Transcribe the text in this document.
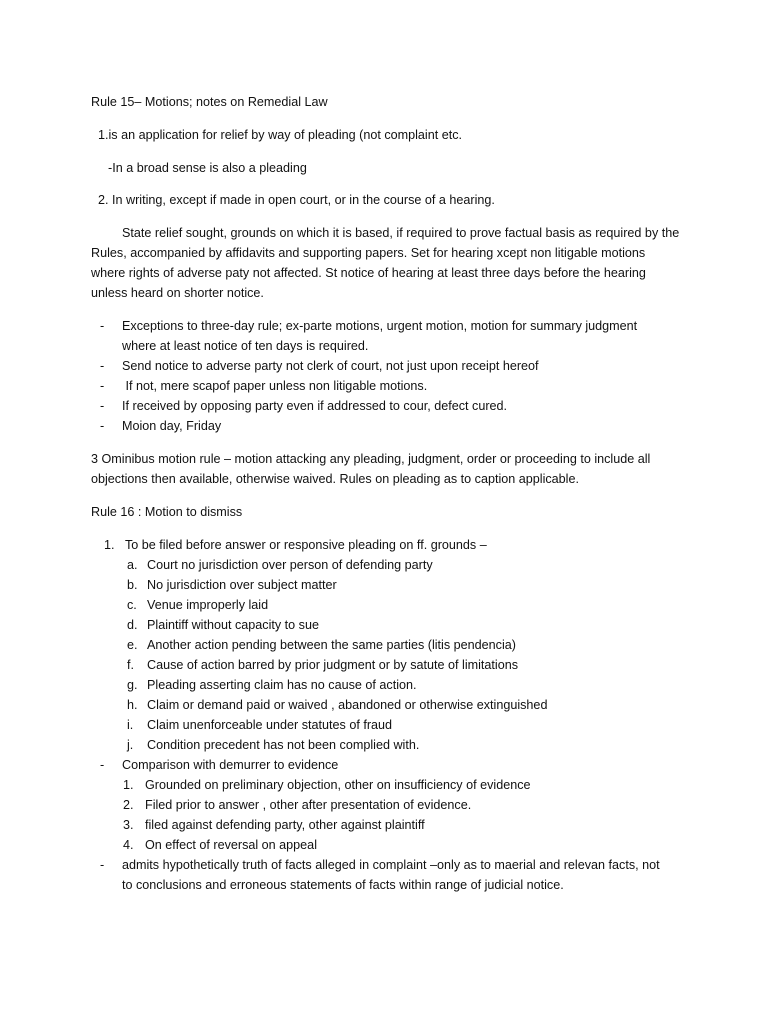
Rule 15– Motions; notes on Remedial Law

1.is an application for relief by way of pleading (not complaint etc.

-In a broad sense is also a pleading

2. In writing, except if made in open court, or in the course of a hearing.

State relief sought, grounds on which it is based, if required to prove factual basis as required by the

Rules, accompanied by affidavits and supporting papers. Set for hearing xcept non litigable motions

where rights of adverse paty not affected. St notice of hearing at least three days before the hearing

unless heard on shorter notice.

- Exceptions to three-day rule; ex-parte motions, urgent motion, motion for summary judgment
where at least notice of ten days is required.
- Send notice to adverse party not clerk of court, not just upon receipt hereof
- If not, mere scapof paper unless non litigable motions.
- If received by opposing party even if addressed to cour, defect cured.
- Moion day, Friday

3 Ominibus motion rule – motion attacking any pleading, judgment, order or proceeding to include all

objections then available, otherwise waived. Rules on pleading as to caption applicable.

Rule 16 : Motion to dismiss

1. To be filed before answer or responsive pleading on ff. grounds –
a. Court no jurisdiction over person of defending party
b. No jurisdiction over subject matter
c. Venue improperly laid
d. Plaintiff without capacity to sue
e. Another action pending between the same parties (litis pendencia)
f. Cause of action barred by prior judgment or by satute of limitations
g. Pleading asserting claim has no cause of action.
h. Claim or demand paid or waived , abandoned or otherwise extinguished
i. Claim unenforceable under statutes of fraud
j. Condition precedent has not been complied with.
- Comparison with demurrer to evidence
1. Grounded on preliminary objection, other on insufficiency of evidence
2. Filed prior to answer , other after presentation of evidence.
3. filed against defending party, other against plaintiff
4. On effect of reversal on appeal
- admits hypothetically truth of facts alleged in complaint –only as to maerial and relevan facts, not
to conclusions and erroneous statements of facts within range of judicial notice.
